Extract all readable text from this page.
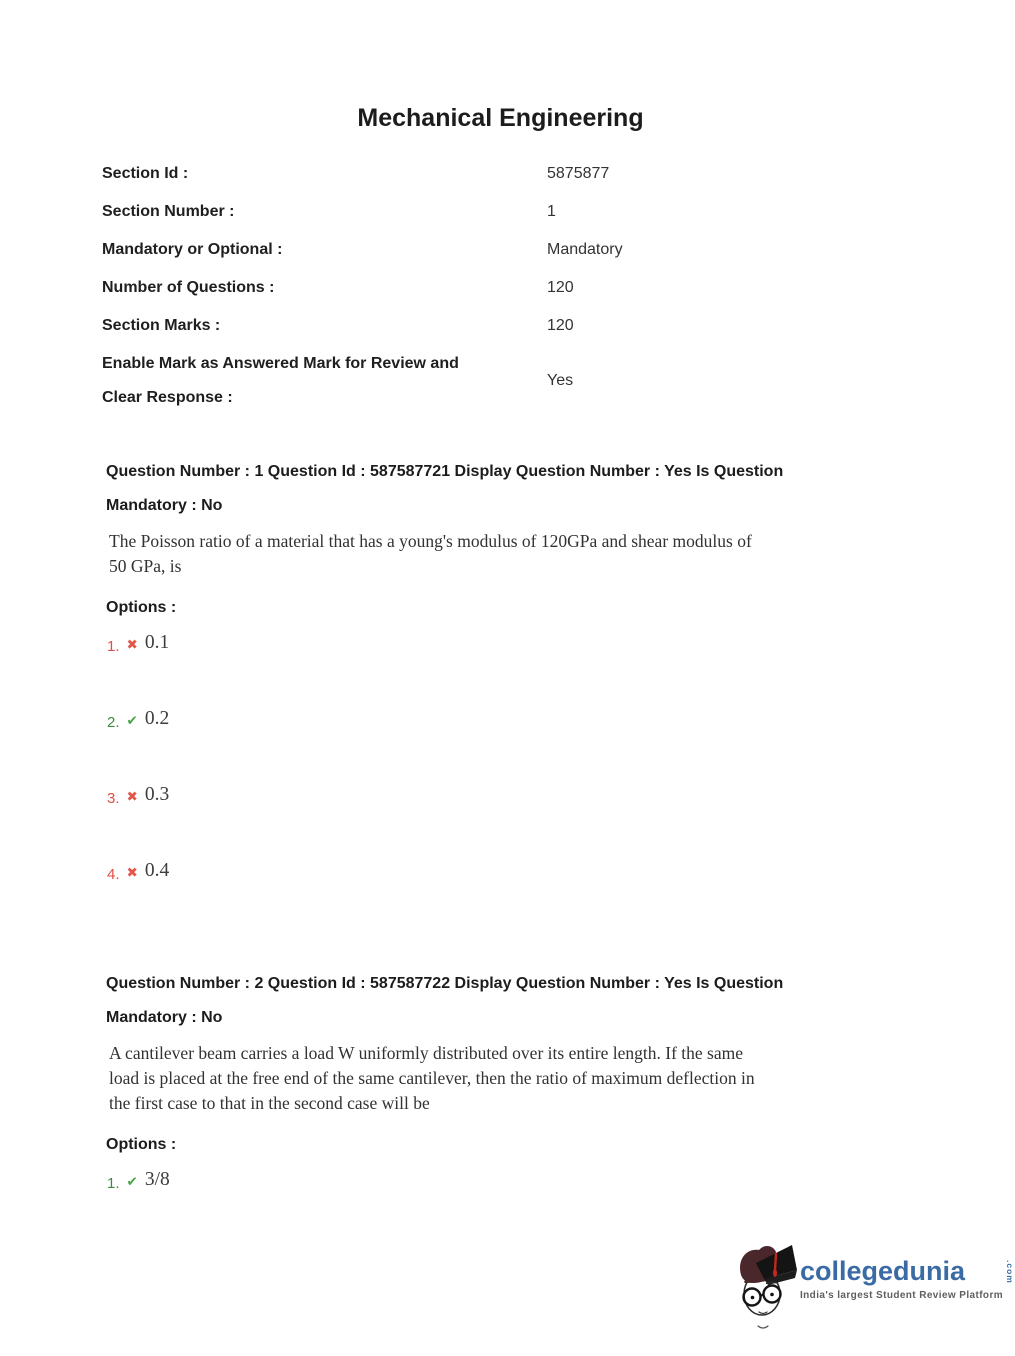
Mechanical Engineering
Section Id :	5875877
Section Number :	1
Mandatory or Optional :	Mandatory
Number of Questions :	120
Section Marks :	120
Enable Mark as Answered Mark for Review and Clear Response :
Yes
Question Number : 1 Question Id : 587587721 Display Question Number : Yes Is Question
Mandatory : No

The Poisson ratio of a material that has a young's modulus of 120GPa and shear modulus of 50 GPa, is

Options :
1. ✖ 0.1
2. ✔ 0.2
3. ✖ 0.3
4. ✖ 0.4
Question Number : 2 Question Id : 587587722 Display Question Number : Yes Is Question
Mandatory : No

A cantilever beam carries a load W uniformly distributed over its entire length. If the same load is placed at the free end of the same cantilever, then the ratio of maximum deflection in the first case to that in the second case will be

Options :
1. ✔ 3/8
collegedunia	.com
India's largest Student Review Platform
